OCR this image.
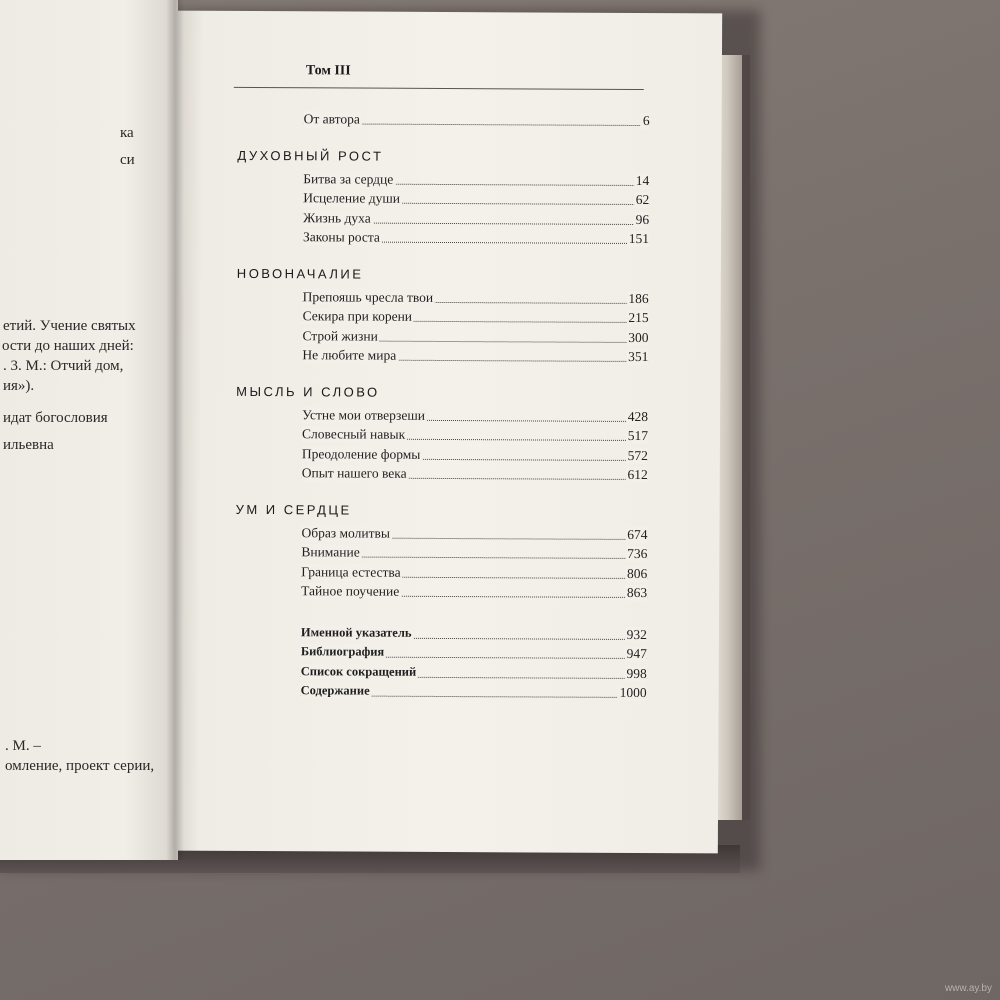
ка
си
етий. Учение святых
ости до наших дней:
. 3. М.: Отчий дом,
ия»).
идат богословия
ильевна
. М. –
омление, проект серии,
Том III
От автора	6
ДУХОВНЫЙ РОСТ
Битва за сердце	14
Исцеление души	62
Жизнь духа	96
Законы роста	151
НОВОНАЧАЛИЕ
Препояшь чресла твои	186
Секира при корени	215
Строй жизни	300
Не любите мира	351
МЫСЛЬ И СЛОВО
Устне мои отверзеши	428
Словесный навык	517
Преодоление формы	572
Опыт нашего века	612
УМ И СЕРДЦЕ
Образ молитвы	674
Внимание	736
Граница естества	806
Тайное поучение	863
Именной указатель	932
Библиография	947
Список сокращений	998
Содержание	1000
www.ay.by
